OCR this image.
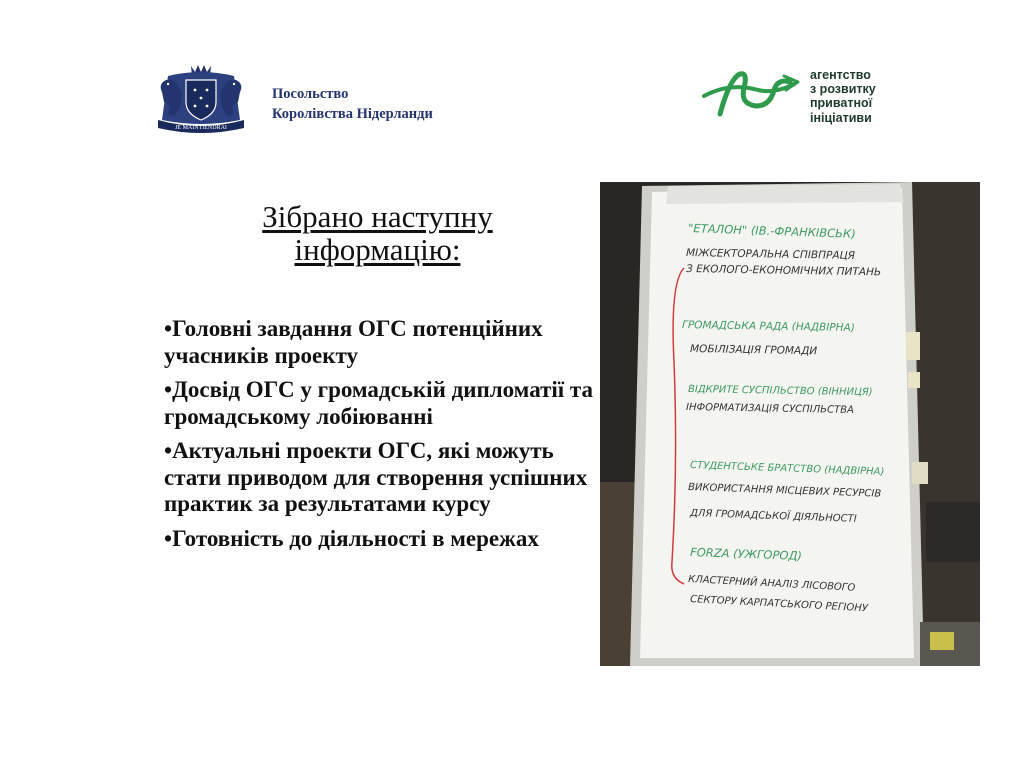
JE MAINTIENDRAI
Посольство
Королівства Нідерланди
агентство
з розвитку
приватної
ініціативи
Зібрано наступну
інформацію:
•Головні завдання ОГС потенційних учасників проекту
•Досвід ОГС у громадській дипломатії та громадському лобіюванні
•Актуальні проекти ОГС, які можуть стати приводом для створення успішних практик за результатами курсу
•Готовність до діяльності в мережах
"ЕТАЛОН" (ІВ.-ФРАНКІВСЬК)
МІЖСЕКТОРАЛЬНА СПІВПРАЦЯ
З ЕКОЛОГО-ЕКОНОМІЧНИХ ПИТАНЬ
ГРОМАДСЬКА РАДА (НАДВІРНА)
МОБІЛІЗАЦІЯ ГРОМАДИ
ВІДКРИТЕ СУСПІЛЬСТВО (ВІННИЦЯ)
ІНФОРМАТИЗАЦІЯ СУСПІЛЬСТВА
СТУДЕНТСЬКЕ БРАТСТВО (НАДВІРНА)
ВИКОРИСТАННЯ МІСЦЕВИХ РЕСУРСІВ
ДЛЯ ГРОМАДСЬКОЇ ДІЯЛЬНОСТІ
FORZA (УЖГОРОД)
КЛАСТЕРНИЙ АНАЛІЗ ЛІСОВОГО
СЕКТОРУ КАРПАТСЬКОГО РЕГІОНУ
